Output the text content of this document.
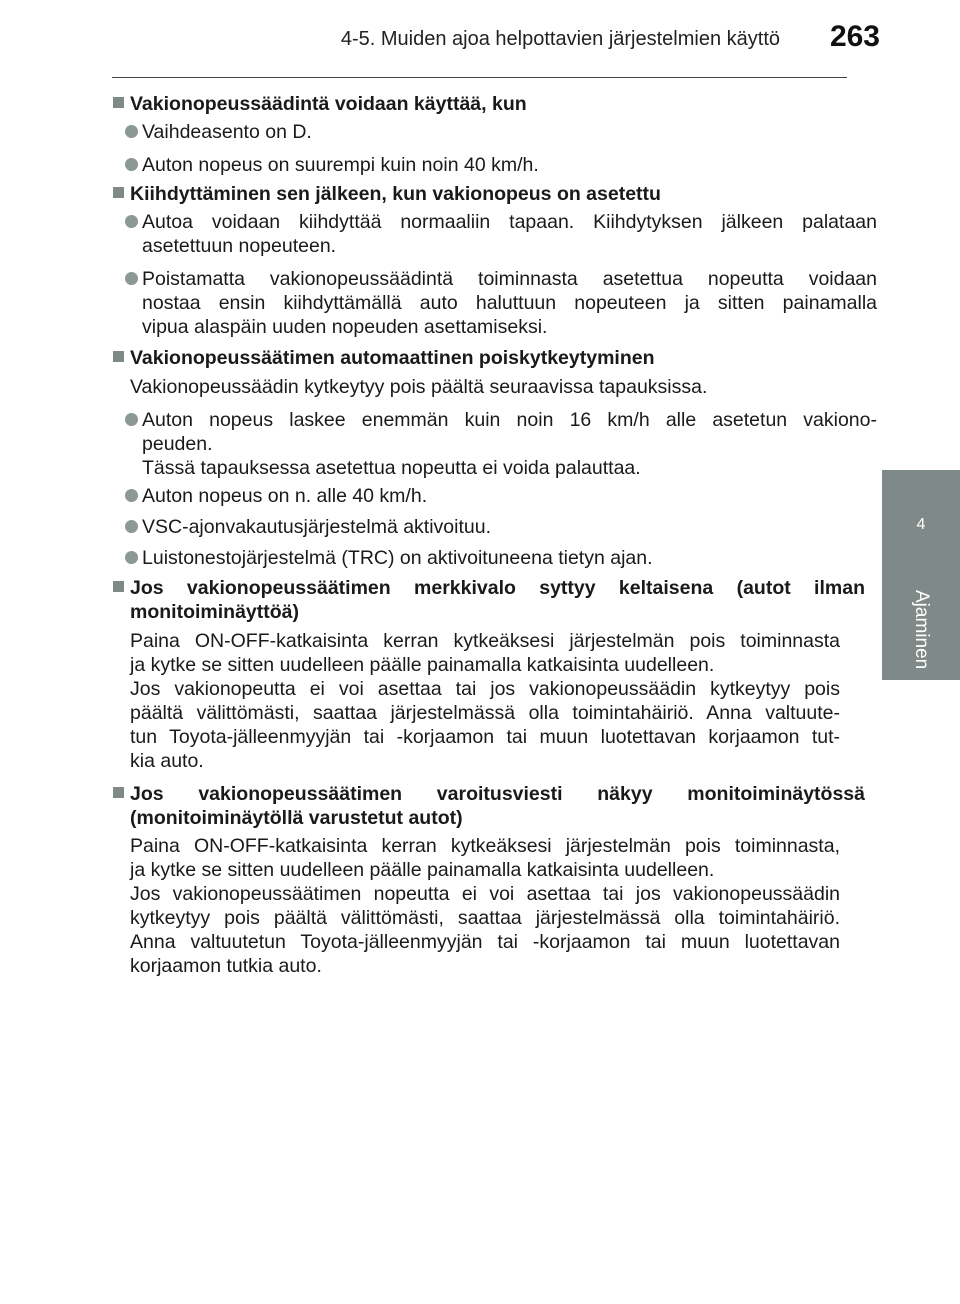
4-5. Muiden ajoa helpottavien järjestelmien käyttö	263
4
Ajaminen
Vakionopeussäädintä voidaan käyttää, kun
Vaihdeasento on D.
Auton nopeus on suurempi kuin noin 40 km/h.
Kiihdyttäminen sen jälkeen, kun vakionopeus on asetettu
Autoa voidaan kiihdyttää normaaliin tapaan. Kiihdytyksen jälkeen palataan
asetettuun nopeuteen.
Poistamatta vakionopeussäädintä toiminnasta asetettua nopeutta voidaan
nostaa ensin kiihdyttämällä auto haluttuun nopeuteen ja sitten painamalla
vipua alaspäin uuden nopeuden asettamiseksi.
Vakionopeussäätimen automaattinen poiskytkeytyminen
Vakionopeussäädin kytkeytyy pois päältä seuraavissa tapauksissa.
Auton nopeus laskee enemmän kuin noin 16 km/h alle asetetun vakiono-
peuden.
Tässä tapauksessa asetettua nopeutta ei voida palauttaa.
Auton nopeus on n. alle 40 km/h.
VSC-ajonvakautusjärjestelmä aktivoituu.
Luistonestojärjestelmä (TRC) on aktivoituneena tietyn ajan.
Jos vakionopeussäätimen merkkivalo syttyy keltaisena (autot ilman
monitoiminäyttöä)
Paina ON-OFF-katkaisinta kerran kytkeäksesi järjestelmän pois toiminnasta
ja kytke se sitten uudelleen päälle painamalla katkaisinta uudelleen.
Jos vakionopeutta ei voi asettaa tai jos vakionopeussäädin kytkeytyy pois
päältä välittömästi, saattaa järjestelmässä olla toimintahäiriö. Anna valtuute-
tun Toyota-jälleenmyyjän tai -korjaamon tai muun luotettavan korjaamon tut-
kia auto.
Jos vakionopeussäätimen varoitusviesti näkyy monitoiminäytössä
(monitoiminäytöllä varustetut autot)
Paina ON-OFF-katkaisinta kerran kytkeäksesi järjestelmän pois toiminnasta,
ja kytke se sitten uudelleen päälle painamalla katkaisinta uudelleen.
Jos vakionopeussäätimen nopeutta ei voi asettaa tai jos vakionopeussäädin
kytkeytyy pois päältä välittömästi, saattaa järjestelmässä olla toimintahäiriö.
Anna valtuutetun Toyota-jälleenmyyjän tai -korjaamon tai muun luotettavan
korjaamon tutkia auto.
